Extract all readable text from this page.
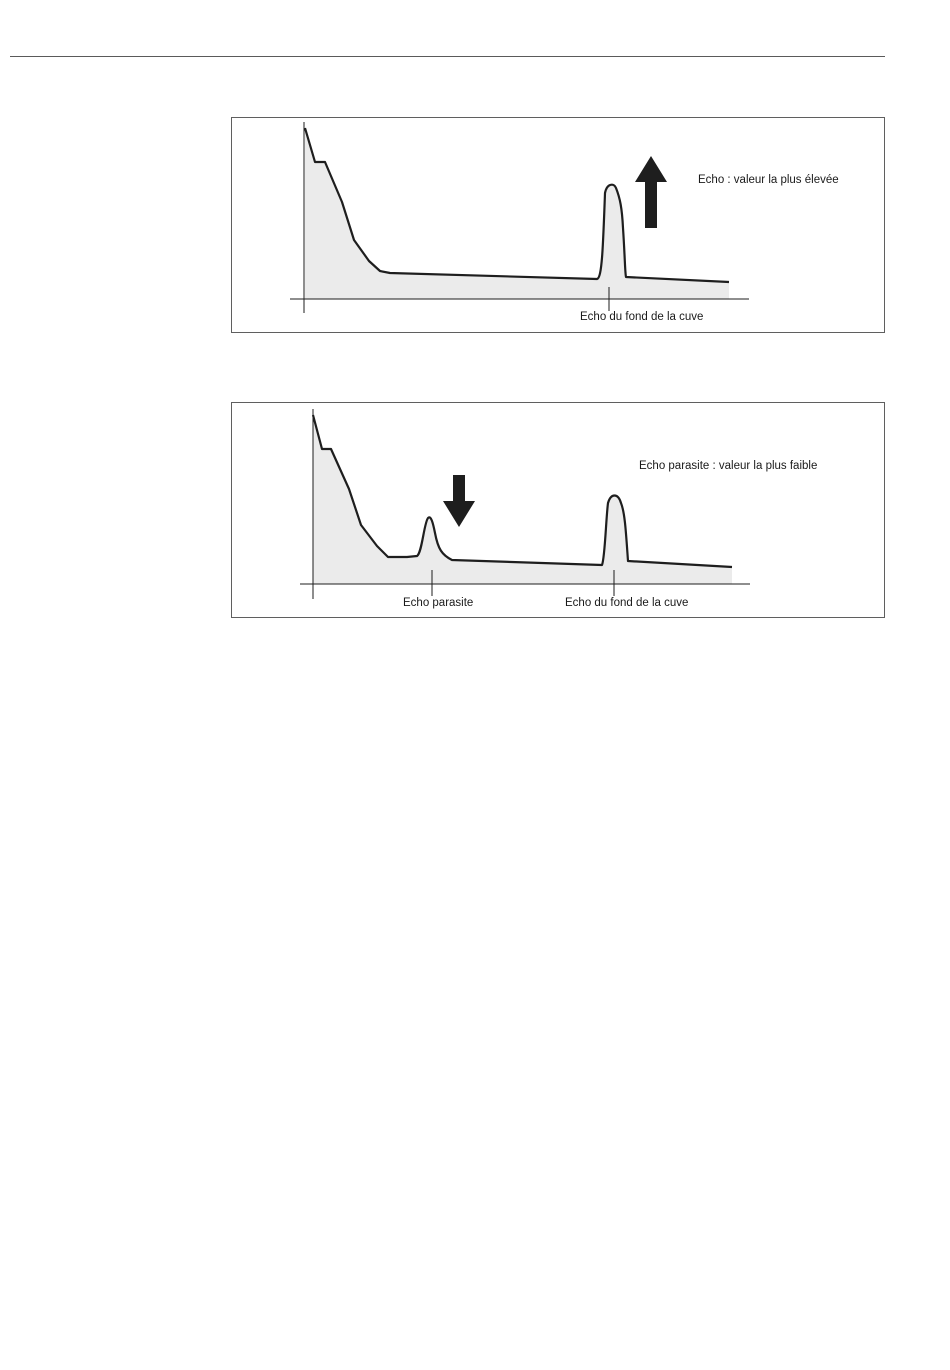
Echo : valeur la plus élevée
Echo du fond de la cuve
Echo parasite : valeur la plus faible
Echo parasite	Echo du fond de la cuve
